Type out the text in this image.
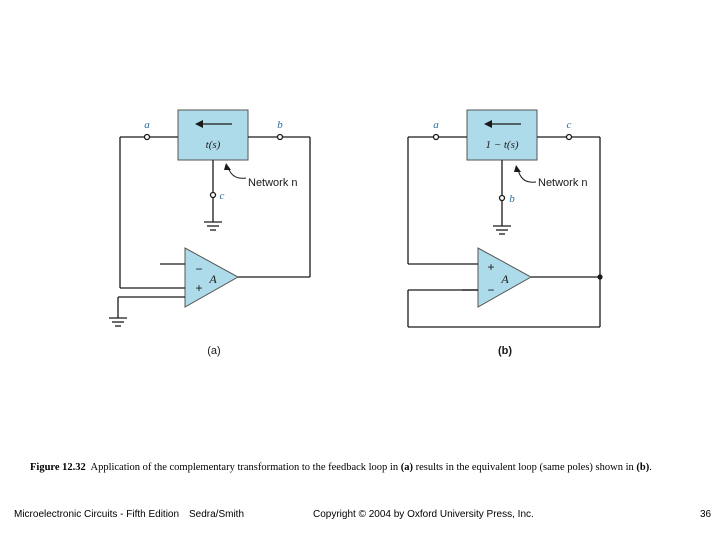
t(s)
a	b
c
Network n
A
−
+
(a)
1 − t(s)
a	c
b
Network n
A
+
−
(b)
Figure 12.32 Application of the complementary transformation to the feedback loop in (a) results in the equivalent loop (same poles) shown in (b).
Microelectronic Circuits - Fifth Edition Sedra/Smith	Copyright © 2004 by Oxford University Press, Inc.	36
